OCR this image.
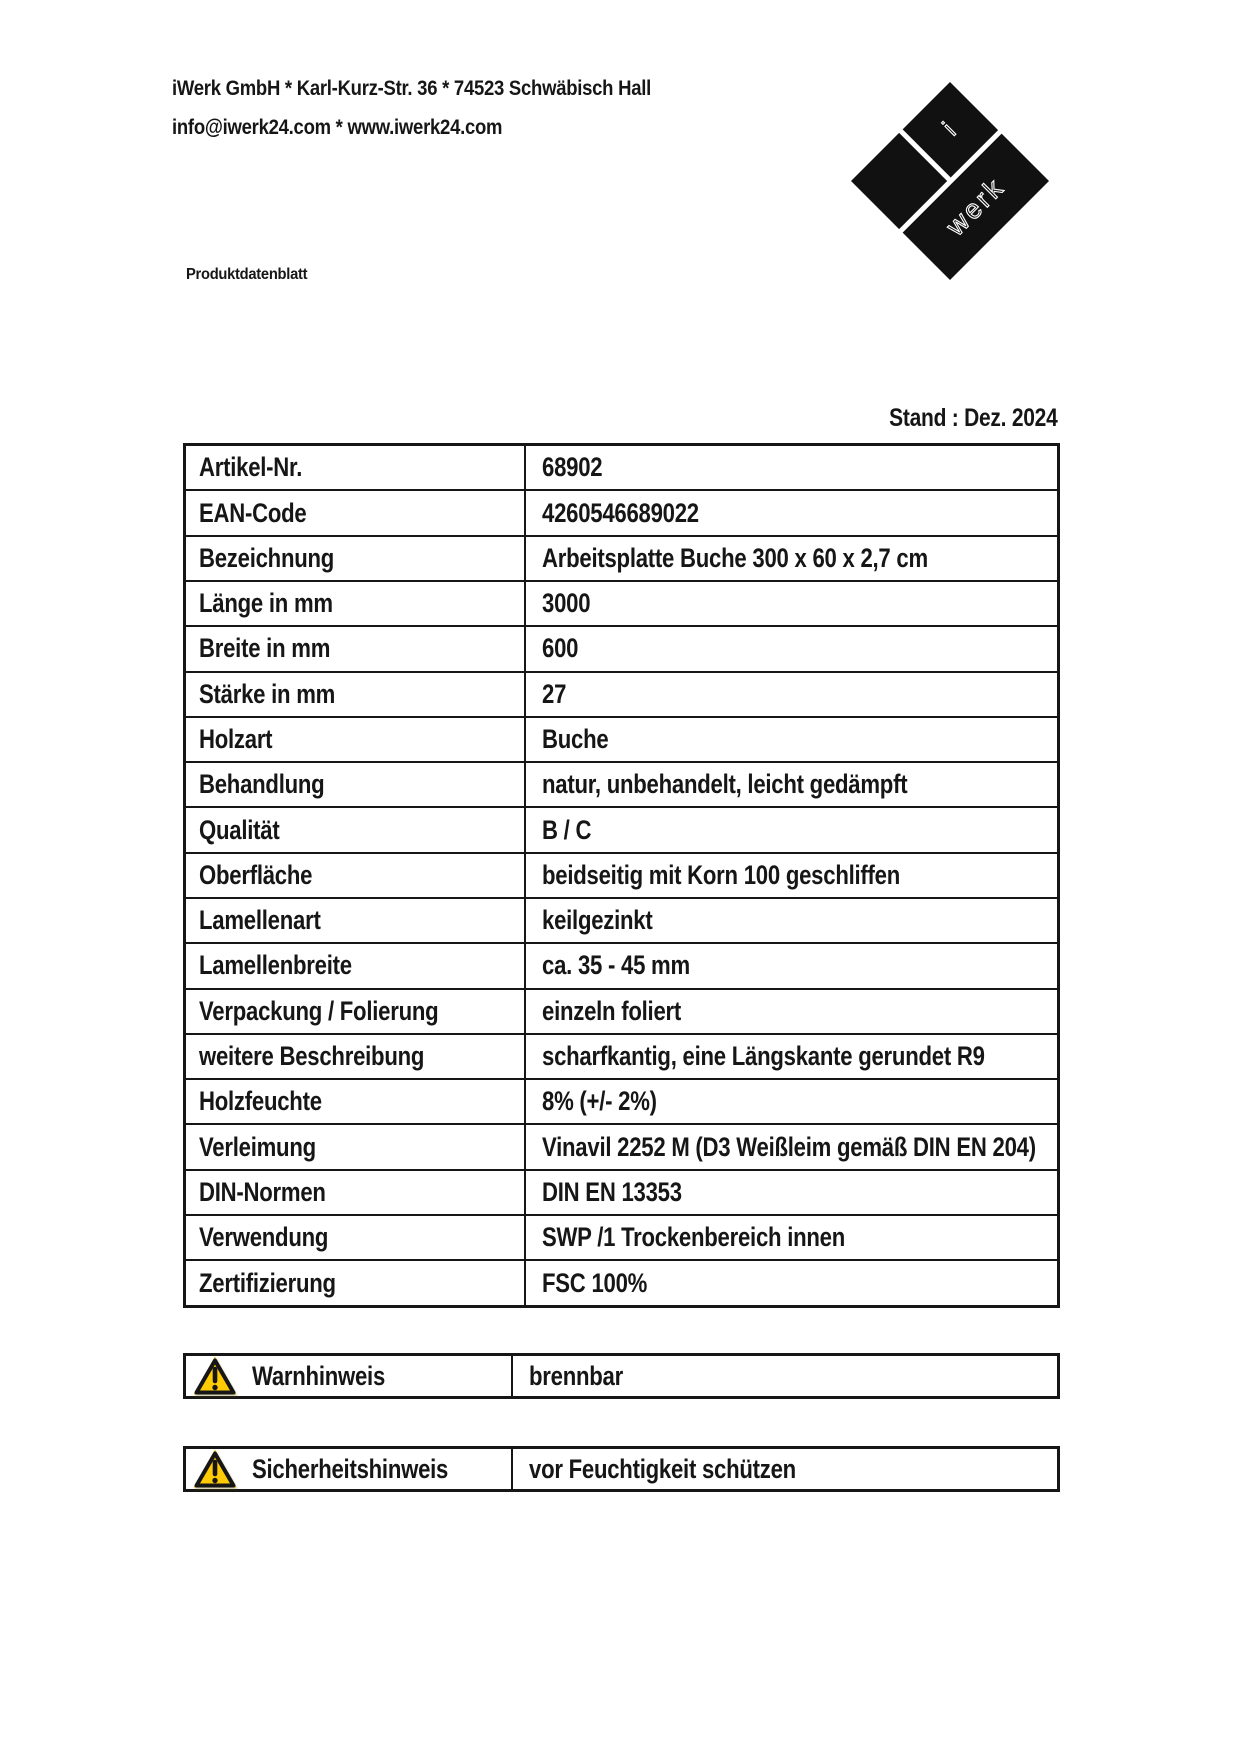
iWerk GmbH * Karl-Kurz-Str. 36 * 74523 Schwäbisch Hall
info@iwerk24.com * www.iwerk24.com	i
werk
Produktdatenblatt
Stand : Dez. 2024
Artikel-Nr.	68902
EAN-Code	4260546689022
Bezeichnung	Arbeitsplatte Buche 300 x 60 x 2,7 cm
Länge in mm	3000
Breite in mm	600
Stärke in mm	27
Holzart	Buche
Behandlung	natur, unbehandelt, leicht gedämpft
Qualität	B / C
Oberfläche	beidseitig mit Korn 100 geschliffen
Lamellenart	keilgezinkt
Lamellenbreite	ca. 35 - 45 mm
Verpackung / Folierung	einzeln foliert
weitere Beschreibung	scharfkantig, eine Längskante gerundet R9
Holzfeuchte	8% (+/- 2%)
Verleimung	Vinavil 2252 M (D3 Weißleim gemäß DIN EN 204)
DIN-Normen	DIN EN 13353
Verwendung	SWP /1 Trockenbereich innen
Zertifizierung	FSC 100%
Warnhinweis	brennbar
Sicherheitshinweis	vor Feuchtigkeit schützen
